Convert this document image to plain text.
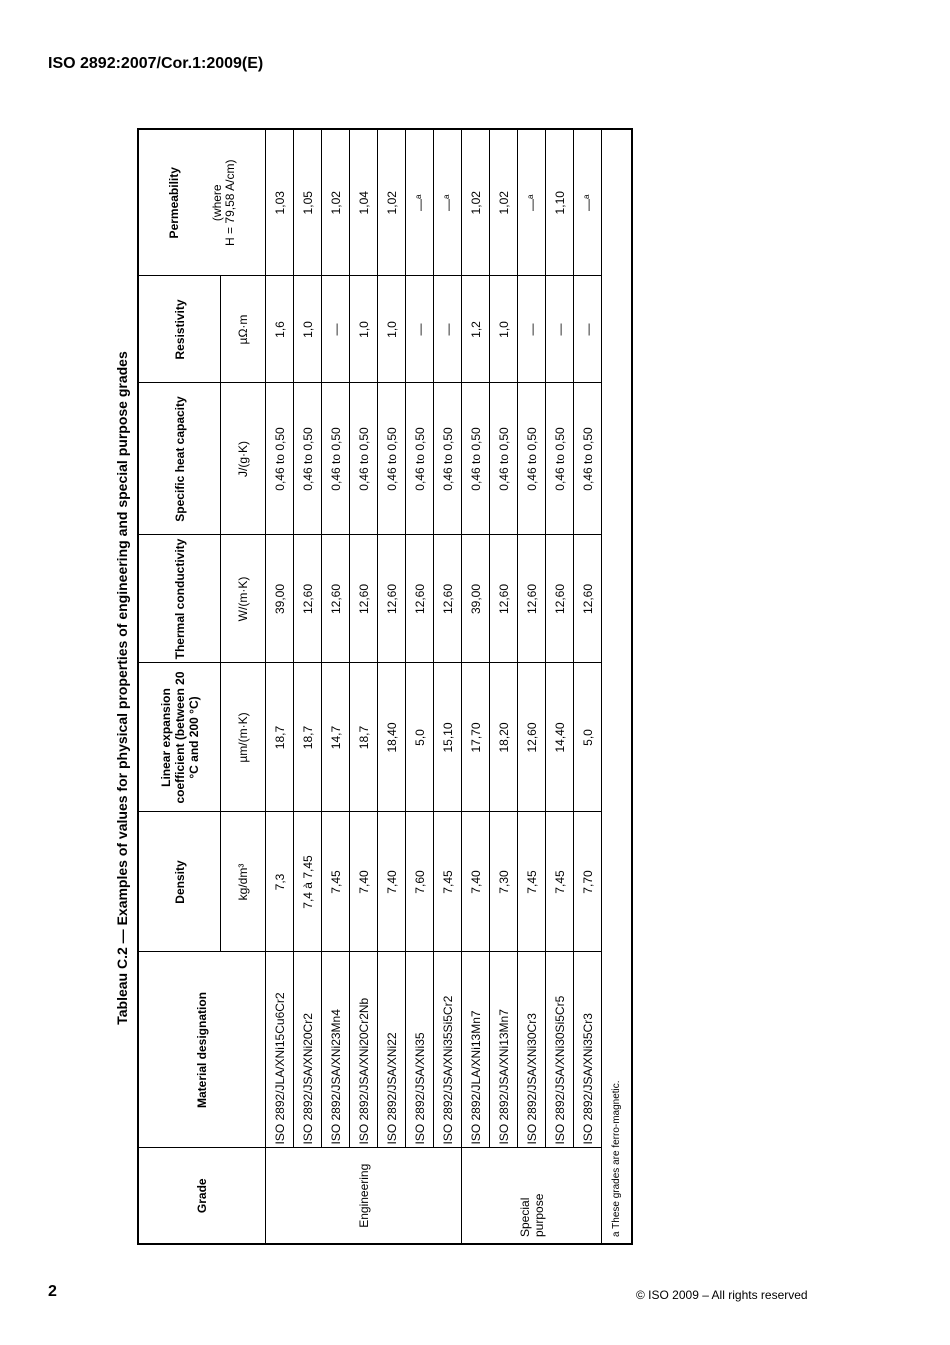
ISO 2892:2007/Cor.1:2009(E)
Tableau C.2 — Examples of values for physical properties of engineering and special purpose grades
Grade	Material designation	Density	Linear expansion coefficient (between 20 °C and 200 °C)	Thermal conductivity	Specific heat capacity	Resistivity	Permeability (where H = 79,58 A/cm)

		kg/dm³	µm/(m·K)	W/(m·K)	J/(g·K)	µΩ·m	
Engineering	ISO 2892/JLA/XNi15Cu6Cr2	7,3	18,7	39,00	0,46 to 0,50	1,6	1,03
	ISO 2892/JSA/XNi20Cr2	7,4 à 7,45	18,7	12,60	0,46 to 0,50	1,0	1,05
	ISO 2892/JSA/XNi23Mn4	7,45	14,7	12,60	0,46 to 0,50	—	1,02
	ISO 2892/JSA/XNi20Cr2Nb	7,40	18,7	12,60	0,46 to 0,50	1,0	1,04
	ISO 2892/JSA/XNi22	7,40	18,40	12,60	0,46 to 0,50	1,0	1,02
	ISO 2892/JSA/XNi35	7,60	5,0	12,60	0,46 to 0,50	—	—ᵃ
	ISO 2892/JSA/XNi35Si5Cr2	7,45	15,10	12,60	0,46 to 0,50	—	—ᵃ
Special purpose	ISO 2892/JLA/XNi13Mn7	7,40	17,70	39,00	0,46 to 0,50	1,2	1,02
	ISO 2892/JSA/XNi13Mn7	7,30	18,20	12,60	0,46 to 0,50	1,0	1,02
	ISO 2892/JSA/XNi30Cr3	7,45	12,60	12,60	0,46 to 0,50	—	—ᵃ
	ISO 2892/JSA/XNi30Si5Cr5	7,45	14,40	12,60	0,46 to 0,50	—	1,10
	ISO 2892/JSA/XNi35Cr3	7,70	5,0	12,60	0,46 to 0,50	—	—ᵃ
a These grades are ferro-magnetic.							
2	© ISO 2009 – All rights reserved
